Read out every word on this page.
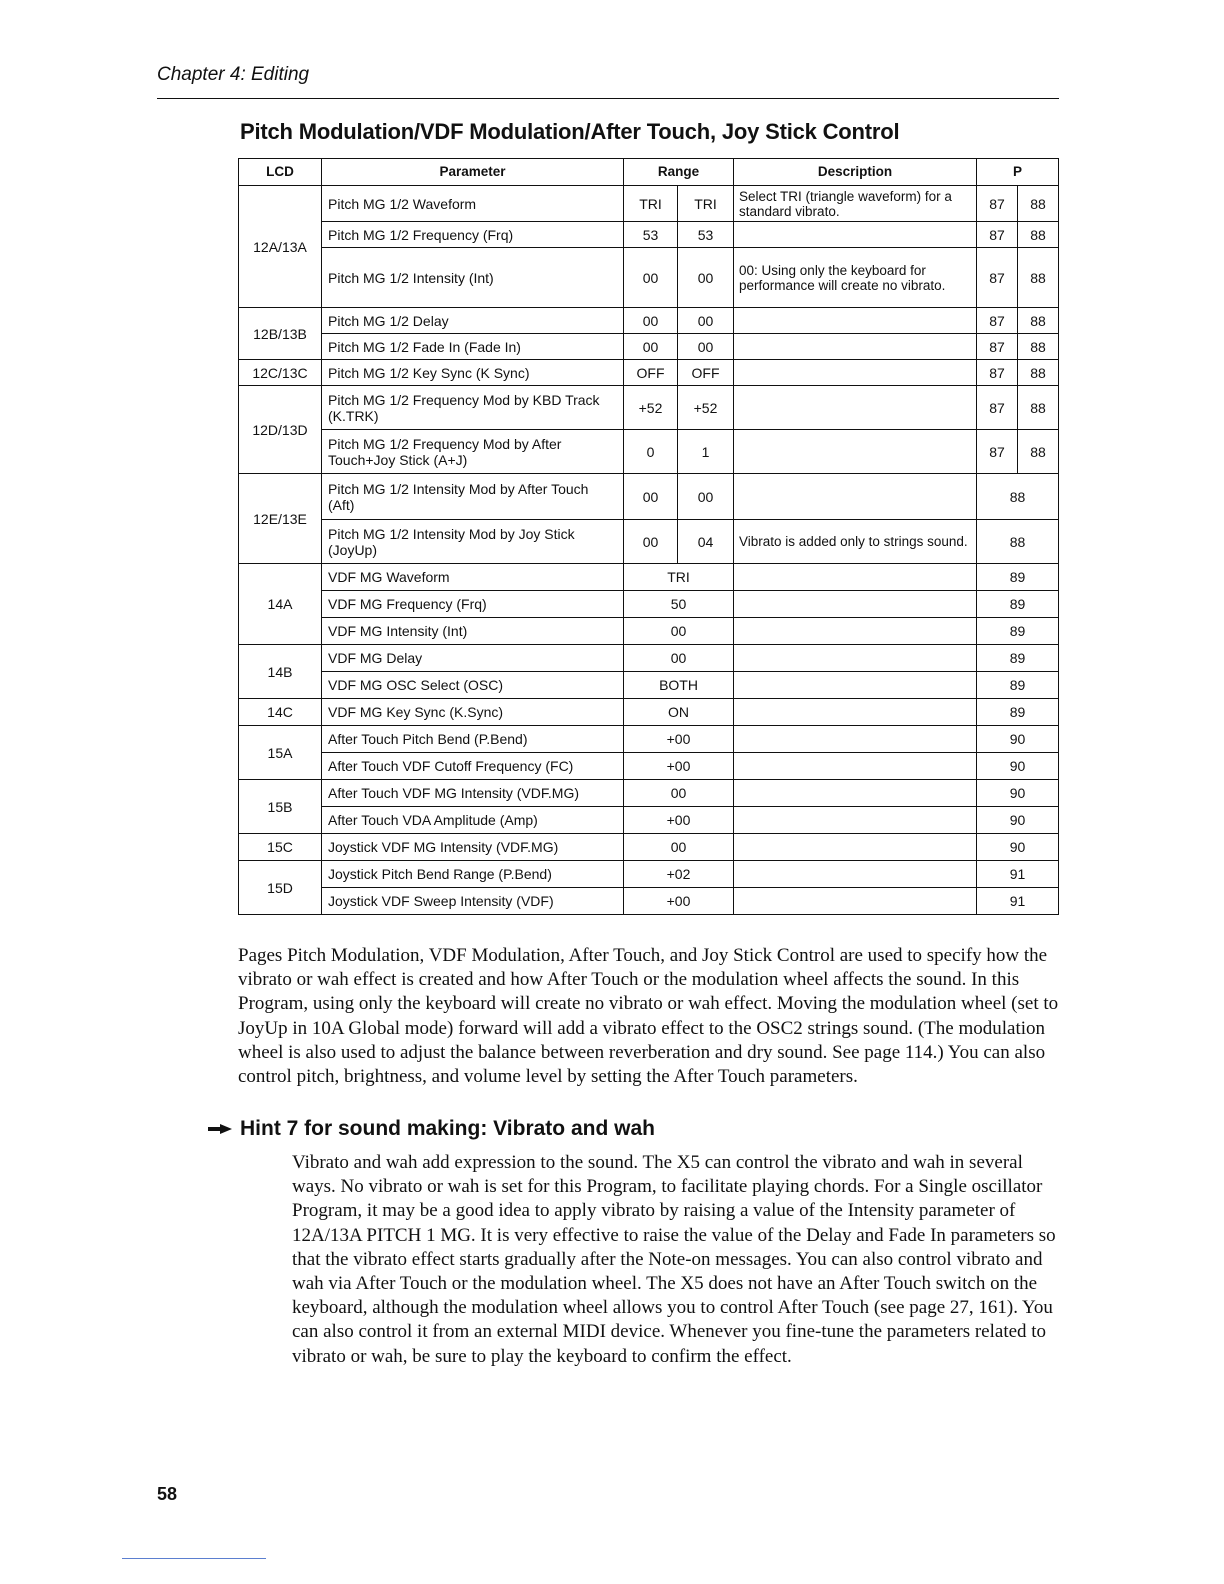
Chapter 4: Editing
Pitch Modulation/VDF Modulation/After Touch, Joy Stick Control
LCD	Parameter	Range		Description	P	
12A/13A	Pitch MG 1/2 Waveform	TRI	TRI	Select TRI (triangle waveform) for a standard vibrato.	87	88
	Pitch MG 1/2 Frequency (Frq)	53	53		87	88
	Pitch MG 1/2 Intensity (Int)	00	00	00: Using only the keyboard for performance will create no vibrato.	87	88
12B/13B	Pitch MG 1/2 Delay	00	00		87	88
	Pitch MG 1/2 Fade In (Fade In)	00	00		87	88
12C/13C	Pitch MG 1/2 Key Sync (K Sync)	OFF	OFF		87	88
12D/13D	Pitch MG 1/2 Frequency Mod by KBD Track (K.TRK)	+52	+52		87	88
	Pitch MG 1/2 Frequency Mod by After Touch+Joy Stick (A+J)	0	1		87	88
12E/13E	Pitch MG 1/2 Intensity Mod by After Touch (Aft)	00	00		88	
	Pitch MG 1/2 Intensity Mod by Joy Stick (JoyUp)	00	04	Vibrato is added only to strings sound.	88	
14A	VDF MG Waveform	TRI			89	
	VDF MG Frequency (Frq)	50			89	
	VDF MG Intensity (Int)	00			89	
14B	VDF MG Delay	00			89	
	VDF MG OSC Select (OSC)	BOTH			89	
14C	VDF MG Key Sync (K.Sync)	ON			89	
15A	After Touch Pitch Bend (P.Bend)	+00			90	
	After Touch VDF Cutoff Frequency (FC)	+00			90	
15B	After Touch VDF MG Intensity (VDF.MG)	00			90	
	After Touch VDA Amplitude (Amp)	+00			90	
15C	Joystick VDF MG Intensity (VDF.MG)	00			90	
15D	Joystick Pitch Bend Range (P.Bend)	+02			91	
	Joystick VDF Sweep Intensity (VDF)	+00			91	
Pages Pitch Modulation, VDF Modulation, After Touch, and Joy Stick Control are used to specify how the vibrato or wah effect is created and how After Touch or the modulation wheel affects the sound. In this Program, using only the keyboard will create no vibrato or wah effect. Moving the modulation wheel (set to JoyUp in 10A Global mode) forward will add a vibrato effect to the OSC2 strings sound. (The modulation wheel is also used to adjust the balance between reverberation and dry sound. See page 114.) You can also control pitch, brightness, and volume level by setting the After Touch parameters.
Hint 7 for sound making: Vibrato and wah
Vibrato and wah add expression to the sound. The X5 can control the vibrato and wah in several ways. No vibrato or wah is set for this Program, to facilitate playing chords. For a Single oscillator Program, it may be a good idea to apply vibrato by raising a value of the Intensity parameter of 12A/13A PITCH 1 MG. It is very effective to raise the value of the Delay and Fade In parameters so that the vibrato effect starts gradually after the Note-on messages. You can also control vibrato and wah via After Touch or the modulation wheel. The X5 does not have an After Touch switch on the keyboard, although the modulation wheel allows you to control After Touch (see page 27, 161). You can also control it from an external MIDI device. Whenever you fine-tune the parameters related to vibrato or wah, be sure to play the keyboard to confirm the effect.
58
